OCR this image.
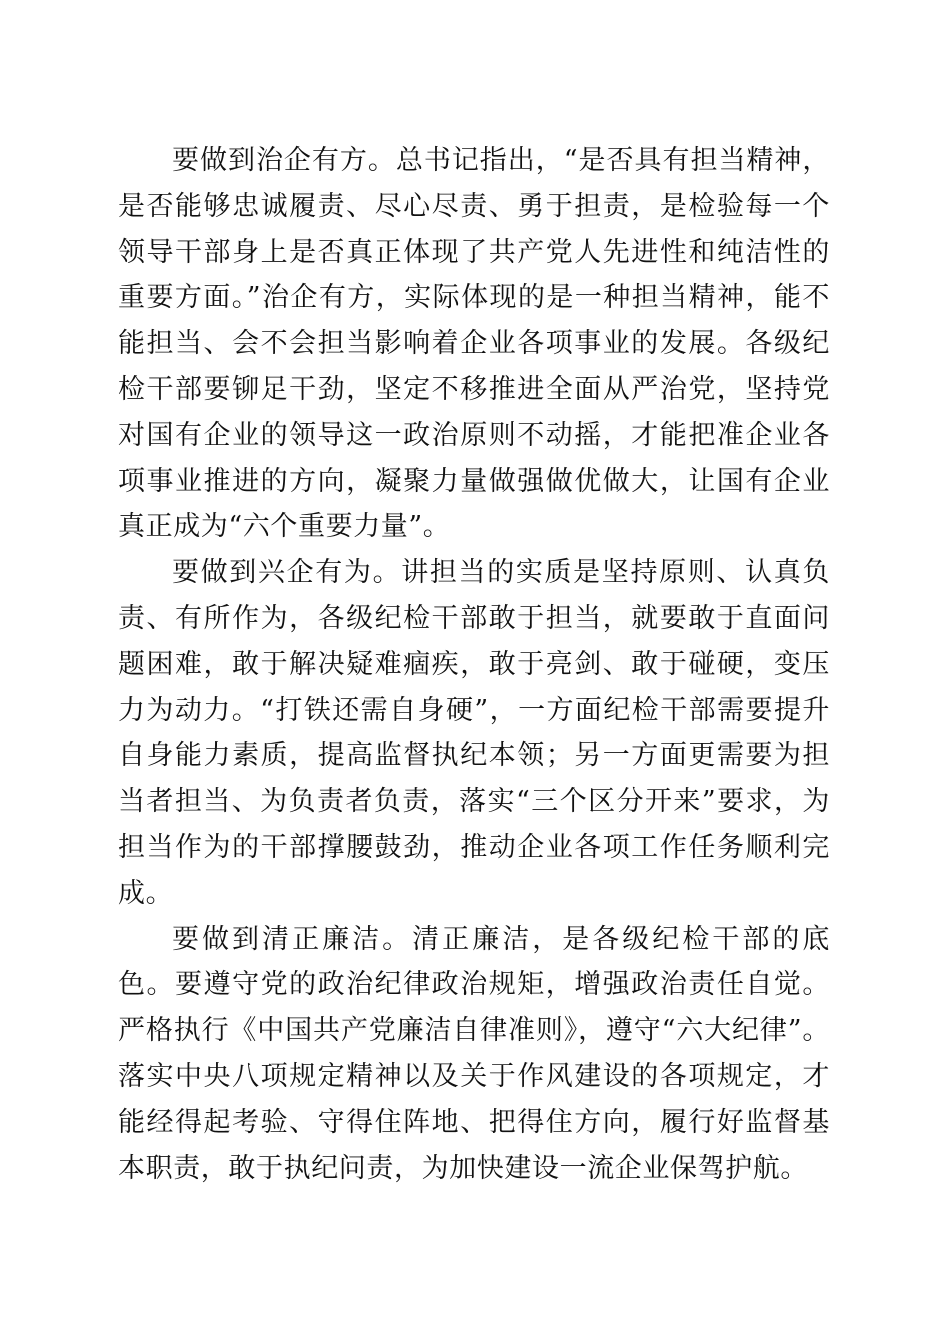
要做到治企有方。总书记指出，“是否具有担当精神，是否能够忠诚履责、尽心尽责、勇于担责，是检验每一个领导干部身上是否真正体现了共产党人先进性和纯洁性的重要方面。”治企有方，实际体现的是一种担当精神，能不能担当、会不会担当影响着企业各项事业的发展。各级纪检干部要铆足干劲，坚定不移推进全面从严治党，坚持党对国有企业的领导这一政治原则不动摇，才能把准企业各项事业推进的方向，凝聚力量做强做优做大，让国有企业真正成为“六个重要力量”。

要做到兴企有为。讲担当的实质是坚持原则、认真负责、有所作为，各级纪检干部敢于担当，就要敢于直面问题困难，敢于解决疑难痼疾，敢于亮剑、敢于碰硬，变压力为动力。“打铁还需自身硬”，一方面纪检干部需要提升自身能力素质，提高监督执纪本领；另一方面更需要为担当者担当、为负责者负责，落实“三个区分开来”要求，为担当作为的干部撑腰鼓劲，推动企业各项工作任务顺利完成。

要做到清正廉洁。清正廉洁，是各级纪检干部的底色。要遵守党的政治纪律政治规矩，增强政治责任自觉。严格执行《中国共产党廉洁自律准则》，遵守“六大纪律”。落实中央八项规定精神以及关于作风建设的各项规定，才能经得起考验、守得住阵地、把得住方向，履行好监督基本职责，敢于执纪问责，为加快建设一流企业保驾护航。
